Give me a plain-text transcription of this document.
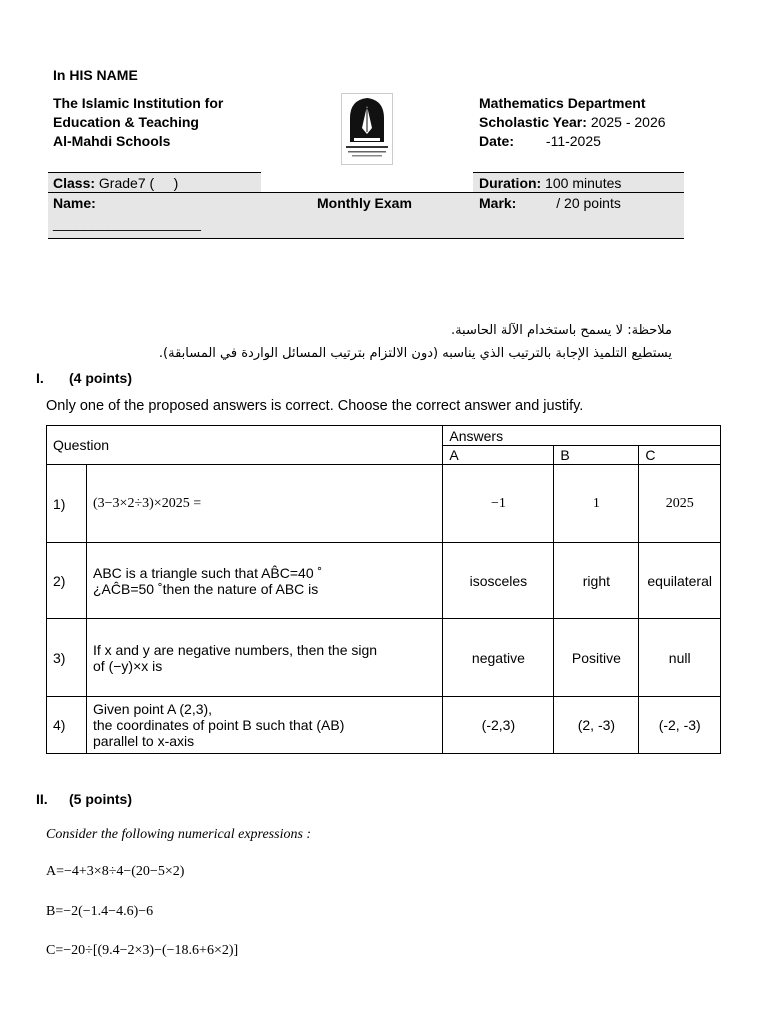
In HIS NAME
The Islamic Institution for
Education & Teaching
Al-Mahdi Schools
Mathematics Department
Scholastic Year: 2025 - 2026
Date: -11-2025
Class: Grade7 (     )	Duration: 100 minutes
Name:
___________________
Monthly Exam	Mark:	/ 20 points
ملاحظة: لا يسمح باستخدام الآلة الحاسبة.
يستطيع التلميذ الإجابة بالترتيب الذي يناسبه (دون الالتزام بترتيب المسائل الواردة في المسابقة).
I. (4 points)
Only one of the proposed answers is correct. Choose the correct answer and justify.
Question		Answers		
		A	B	C
1)	(3−3×2÷3)×2025 =	−1	1	2025
2)	ABC is a triangle such that AB̂C=40 ˚
¿AĈB=50 ˚then the nature of ABC is	isosceles	right	equilateral
3)	If x and y are negative numbers, then the sign
of (−y)×x is	negative	Positive	null
4)	Given point A (2,3),
the coordinates of point B such that (AB)
parallel to x-axis	(-2,3)	(2, -3)	(-2, -3)
II. (5 points)
Consider the following numerical expressions :
A=−4+3×8÷4−(20−5×2)
B=−2(−1.4−4.6)−6
C=−20÷[(9.4−2×3)−(−18.6+6×2)]
